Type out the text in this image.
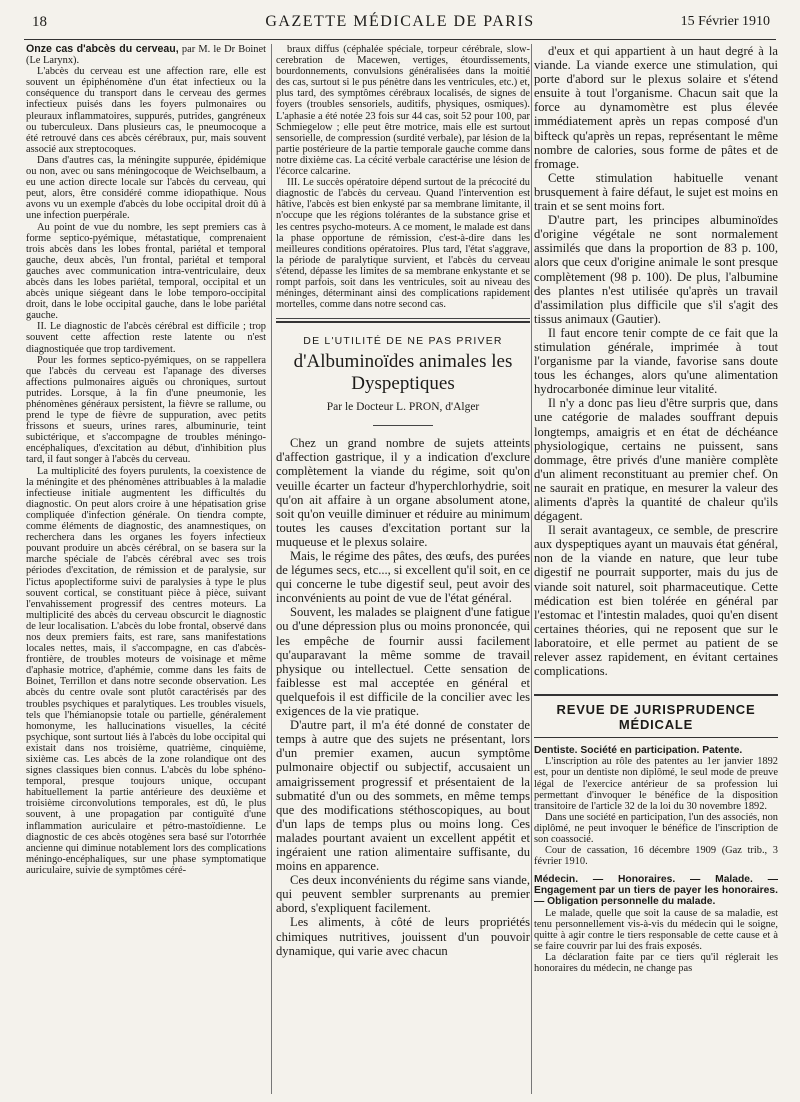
18	GAZETTE MÉDICALE DE PARIS	15 Février 1910

Onze cas d'abcès du cerveau, par M. le Dr Boinet (Le Larynx).

L'abcès du cerveau est une affection rare, elle est souvent un épiphénomène d'un état infectieux ou la conséquence du transport dans le cerveau des germes infectieux puisés dans les foyers pulmonaires ou pleuraux inflammatoires, suppurés, putrides, gangréneux ou tuberculeux. Dans plusieurs cas, le pneumocoque a été retrouvé dans ces abcès cérébraux, pur, mais souvent associé aux streptocoques.

Dans d'autres cas, la méningite suppurée, épidémique ou non, avec ou sans méningocoque de Weichselbaum, a eu une action directe locale sur l'abcès du cerveau, qui peut, alors, être considéré comme idiopathique. Nous avons vu un exemple d'abcès du lobe occipital droit dû à une infection puerpérale.

Au point de vue du nombre, les sept premiers cas à forme septico-pyémique, métastatique, comprenaient trois abcès dans les lobes frontal, pariétal et temporal gauche, deux abcès, l'un frontal, pariétal et temporal gauches avec communication intra-ventriculaire, deux abcès dans les lobes pariétal, temporal, occipital et un abcès unique siégeant dans le lobe temporo-occipital droit, dans le lobe occipital gauche, dans le lobe pariétal gauche.

II. Le diagnostic de l'abcès cérébral est difficile ; trop souvent cette affection reste latente ou n'est diagnostiquée que trop tardivement.

Pour les formes septico-pyémiques, on se rappellera que l'abcès du cerveau est l'apanage des diverses affections pulmonaires aiguës ou chroniques, surtout putrides. Lorsque, à la fin d'une pneumonie, les phénomènes généraux persistent, la fièvre se rallume, ou prend le type de fièvre de suppuration, avec petits frissons et sueurs, urines rares, albuminurie, teint subictérique, et s'accompagne de troubles méningo-encéphaliques, d'excitation au début, d'inhibition plus tard, il faut songer à l'abcès du cerveau.

La multiplicité des foyers purulents, la coexistence de la méningite et des phénomènes attribuables à la maladie infectieuse initiale augmentent les difficultés du diagnostic. On peut alors croire à une hépatisation grise compliquée d'infection générale. On tiendra compte, comme éléments de diagnostic, des anamnestiques, on recherchera dans les organes les foyers infectieux pouvant produire un abcès cérébral, on se basera sur la marche spéciale de l'abcès cérébral avec ses trois périodes d'excitation, de rémission et de paralysie, sur l'ictus apoplectiforme suivi de paralysies à type le plus souvent cortical, se constituant pièce à pièce, suivant l'envahissement progressif des centres moteurs. La multiplicité des abcès du cerveau obscurcit le diagnostic de leur localisation. L'abcès du lobe frontal, observé dans nos deux premiers faits, est rare, sans manifestations locales nettes, mais, il s'accompagne, en cas d'abcès-frontière, de troubles moteurs de voisinage et même d'aphasie motrice, d'aphémie, comme dans les faits de Boinet, Terrillon et dans notre seconde observation. Les abcès du centre ovale sont plutôt caractérisés par des troubles psychiques et paralytiques. Les troubles visuels, tels que l'hémianopsie totale ou partielle, généralement homonyme, les hallucinations visuelles, la cécité psychique, sont surtout liés à l'abcès du lobe occipital qui existait dans nos troisième, quatrième, cinquième, sixième cas. Les abcès de la zone rolandique ont des signes classiques bien connus. L'abcès du lobe sphéno-temporal, presque toujours unique, occupant habituellement la partie antérieure des deuxième et troisième circonvolutions temporales, est dû, le plus souvent, à une propagation par contiguïté d'une inflammation auriculaire et pétro-mastoïdienne. Le diagnostic de ces abcès otogènes sera basé sur l'otorrhée ancienne qui diminue notablement lors des complications méningo-encéphaliques, sur une phase symptomatique auriculaire, suivie de symptômes céré-

braux diffus (céphalée spéciale, torpeur cérébrale, slow-cerebration de Macewen, vertiges, étourdissements, bourdonnements, convulsions généralisées dans la moitié des cas, surtout si le pus pénètre dans les ventricules, etc.) et, plus tard, des symptômes cérébraux localisés, de signes de foyers (troubles sensoriels, auditifs, physiques, osmiques). L'aphasie a été notée 23 fois sur 44 cas, soit 52 pour 100, par Schmiegelow ; elle peut être motrice, mais elle est surtout sensorielle, de compression (surdité verbale), par lésion de la partie postérieure de la partie temporale gauche comme dans notre dixième cas. La cécité verbale caractérise une lésion de l'écorce calcarine.

III. Le succès opératoire dépend surtout de la précocité du diagnostic de l'abcès du cerveau. Quand l'intervention est hâtive, l'abcès est bien enkysté par sa membrane limitante, il n'occupe que les régions tolérantes de la substance grise et les centres psycho-moteurs. A ce moment, le malade est dans la phase opportune de rémission, c'est-à-dire dans les meilleures conditions opératoires. Plus tard, l'état s'aggrave, la période de paralytique survient, et l'abcès du cerveau s'étend, dépasse les limites de sa membrane enkystante et se rompt parfois, soit dans les ventricules, soit au niveau des méninges, déterminant ainsi des complications rapidement mortelles, comme dans notre second cas.

DE L'UTILITÉ DE NE PAS PRIVER
d'Albuminoïdes animales les Dyspeptiques
Par le Docteur L. PRON, d'Alger

Chez un grand nombre de sujets atteints d'affection gastrique, il y a indication d'exclure complètement la viande du régime, soit qu'on veuille écarter un facteur d'hyperchlorhydrie, soit qu'on ait affaire à un organe absolument atone, soit qu'on veuille diminuer et réduire au minimum toutes les causes d'excitation portant sur la muqueuse et le plexus solaire.

Mais, le régime des pâtes, des œufs, des purées de légumes secs, etc..., si excellent qu'il soit, en ce qui concerne le tube digestif seul, peut avoir des inconvénients au point de vue de l'état général.

Souvent, les malades se plaignent d'une fatigue ou d'une dépression plus ou moins prononcée, qui les empêche de fournir aussi facilement qu'auparavant la même somme de travail physique ou intellectuel. Cette sensation de faiblesse est mal acceptée en général et quelquefois il est difficile de la concilier avec les exigences de la vie pratique.

D'autre part, il m'a été donné de constater de temps à autre que des sujets ne présentant, lors d'un premier examen, aucun symptôme pulmonaire objectif ou subjectif, accusaient un amaigrissement progressif et présentaient de la submatité d'un ou des sommets, en même temps que des modifications stéthoscopiques, au bout d'un laps de temps plus ou moins long. Ces malades pourtant avaient un excellent appétit et ingéraient une ration alimentaire suffisante, du moins en apparence.

Ces deux inconvénients du régime sans viande, qui peuvent sembler surprenants au premier abord, s'expliquent facilement.

Les aliments, à côté de leurs propriétés chimiques nutritives, jouissent d'un pouvoir dynamique, qui varie avec chacun

d'eux et qui appartient à un haut degré à la viande. La viande exerce une stimulation, qui porte d'abord sur le plexus solaire et s'étend ensuite à tout l'organisme. Chacun sait que la force au dynamomètre est plus élevée immédiatement après un repas composé d'un bifteck qu'après un repas, représentant le même nombre de calories, sous forme de pâtes et de fromage.

Cette stimulation habituelle venant brusquement à faire défaut, le sujet est moins en train et se sent moins fort.

D'autre part, les principes albuminoïdes d'origine végétale ne sont normalement assimilés que dans la proportion de 83 p. 100, alors que ceux d'origine animale le sont presque complètement (98 p. 100). De plus, l'albumine des plantes n'est utilisée qu'après un travail d'assimilation plus difficile que s'il s'agit des tissus animaux (Gautier).

Il faut encore tenir compte de ce fait que la stimulation générale, imprimée à tout l'organisme par la viande, favorise sans doute tous les échanges, alors qu'une alimentation hydrocarbonée diminue leur vitalité.

Il n'y a donc pas lieu d'être surpris que, dans une catégorie de malades souffrant depuis longtemps, amaigris et en état de déchéance physiologique, certains ne puissent, sans dommage, être privés d'une manière complète d'un aliment reconstituant au premier chef. On ne saurait en pratique, en mesurer la valeur des aliments d'après la quantité de chaleur qu'ils dégagent.

Il serait avantageux, ce semble, de prescrire aux dyspeptiques ayant un mauvais état général, non de la viande en nature, que leur tube digestif ne pourrait supporter, mais du jus de viande soit naturel, soit pharmaceutique. Cette médication est bien tolérée en général par l'estomac et l'intestin malades, quoi qu'en disent certaines théories, qui ne reposent que sur le laboratoire, et elle permet au patient de se relever assez rapidement, en évitant certaines complications.

REVUE DE JURISPRUDENCE MÉDICALE
Dentiste. Société en participation. Patente.

L'inscription au rôle des patentes au 1er janvier 1892 est, pour un dentiste non diplômé, le seul mode de preuve légal de l'exercice antérieur de sa profession lui permettant d'invoquer le bénéfice de la disposition transitoire de l'article 32 de la loi du 30 novembre 1892.

Dans une société en participation, l'un des associés, non diplômé, ne peut invoquer le bénéfice de l'inscription de son coassocié.

Cour de cassation, 16 décembre 1909 (Gaz trib., 3 février 1910.

Médecin. — Honoraires. — Malade. — Engagement par un tiers de payer les honoraires. — Obligation personnelle du malade.

Le malade, quelle que soit la cause de sa maladie, est tenu personnellement vis-à-vis du médecin qui le soigne, quitte à agir contre le tiers responsable de cette cause et à se faire couvrir par lui des frais exposés.

La déclaration faite par ce tiers qu'il réglerait les honoraires du médecin, ne change pas
